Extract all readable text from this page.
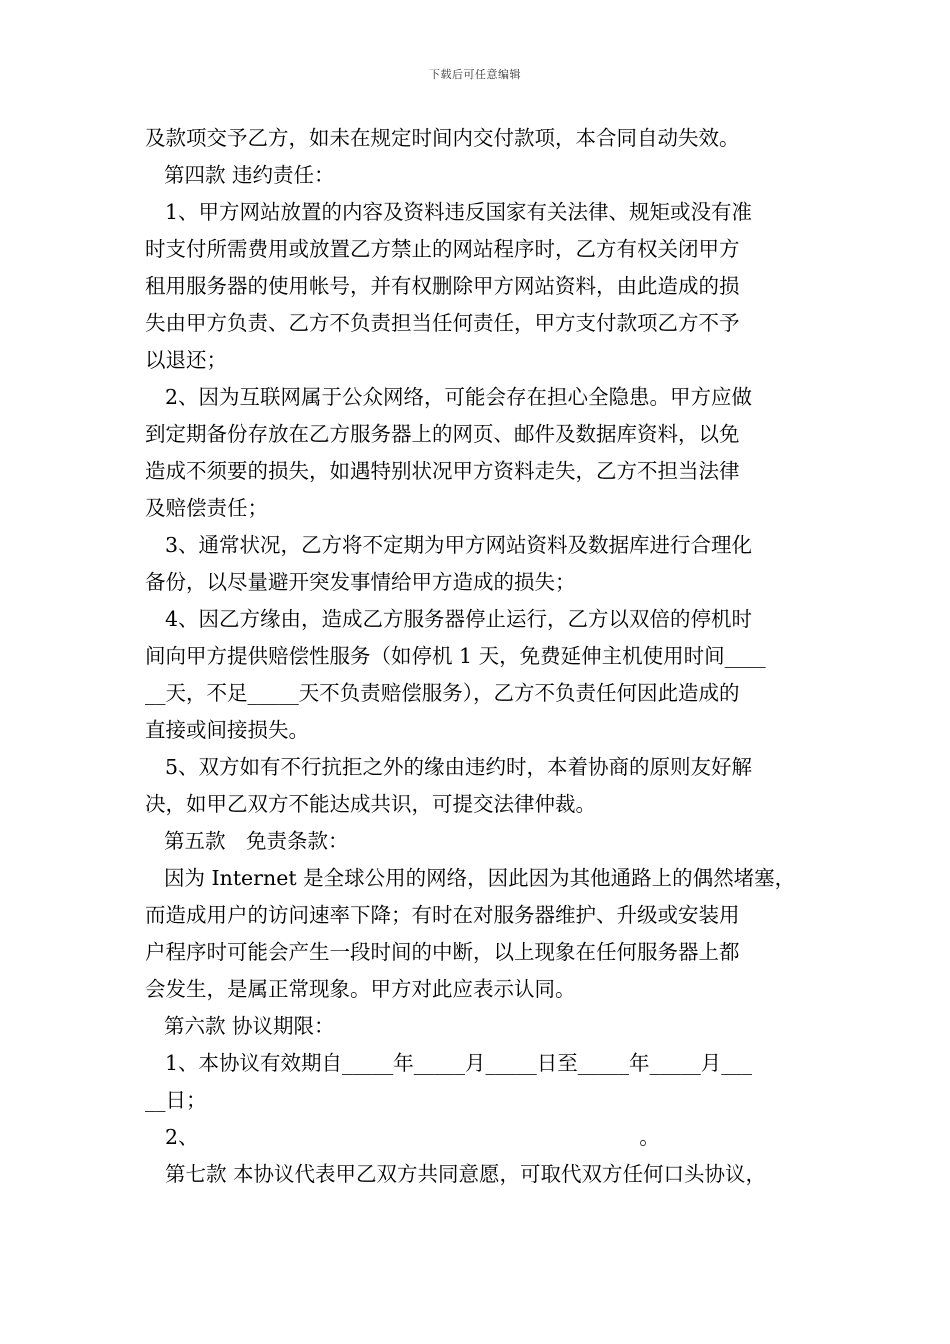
下载后可任意编辑
及款项交予乙方，如未在规定时间内交付款项，本合同自动失效。
第四款 违约责任：
1、甲方网站放置的内容及资料违反国家有关法律、规矩或没有准
时支付所需费用或放置乙方禁止的网站程序时，乙方有权关闭甲方
租用服务器的使用帐号，并有权删除甲方网站资料，由此造成的损
失由甲方负责、乙方不负责担当任何责任，甲方支付款项乙方不予
以退还；
2、因为互联网属于公众网络，可能会存在担心全隐患。甲方应做
到定期备份存放在乙方服务器上的网页、邮件及数据库资料，以免
造成不须要的损失，如遇特别状况甲方资料走失，乙方不担当法律
及赔偿责任；
3、通常状况，乙方将不定期为甲方网站资料及数据库进行合理化
备份，以尽量避开突发事情给甲方造成的损失；
4、因乙方缘由，造成乙方服务器停止运行，乙方以双倍的停机时
间向甲方提供赔偿性服务（如停机 1 天，免费延伸主机使用时间____
__天，不足_____天不负责赔偿服务），乙方不负责任何因此造成的
直接或间接损失。
5、双方如有不行抗拒之外的缘由违约时，本着协商的原则友好解
决，如甲乙双方不能达成共识，可提交法律仲裁。
第五款　免责条款：
因为 Internet 是全球公用的网络，因此因为其他通路上的偶然堵塞，
而造成用户的访问速率下降；有时在对服务器维护、升级或安装用
户程序时可能会产生一段时间的中断，以上现象在任何服务器上都
会发生，是属正常现象。甲方对此应表示认同。
第六款 协议期限：
1、本协议有效期自_____年_____月_____日至_____年_____月___
__日；
2、　　　　　　　　　　　　　　　　　　　　　　。
第七款 本协议代表甲乙双方共同意愿，可取代双方任何口头协议，
